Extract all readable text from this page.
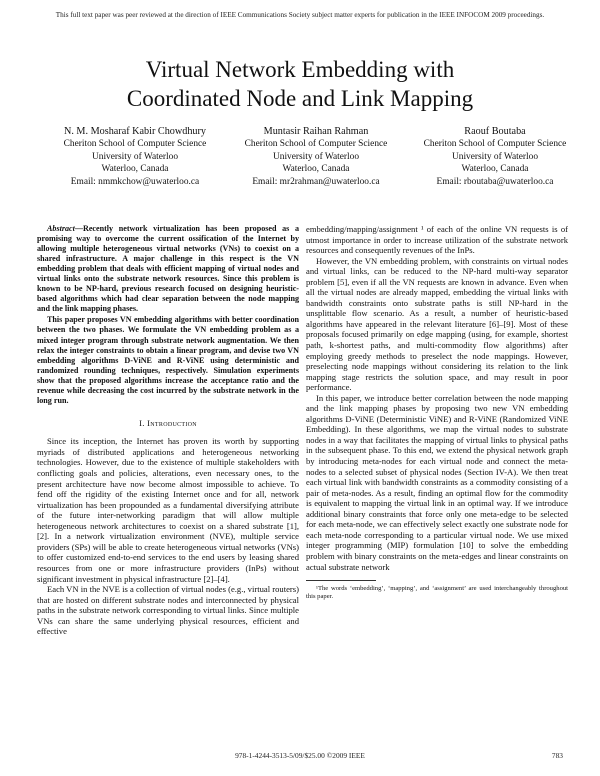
This full text paper was peer reviewed at the direction of IEEE Communications Society subject matter experts for publication in the IEEE INFOCOM 2009 proceedings.
Virtual Network Embedding with
Coordinated Node and Link Mapping
N. M. Mosharaf Kabir Chowdhury
Cheriton School of Computer Science
University of Waterloo
Waterloo, Canada
Email: nmmkchow@uwaterloo.ca
Muntasir Raihan Rahman
Cheriton School of Computer Science
University of Waterloo
Waterloo, Canada
Email: mr2rahman@uwaterloo.ca
Raouf Boutaba
Cheriton School of Computer Science
University of Waterloo
Waterloo, Canada
Email: rboutaba@uwaterloo.ca

Abstract—Recently network virtualization has been proposed as a promising way to overcome the current ossification of the Internet by allowing multiple heterogeneous virtual networks (VNs) to coexist on a shared infrastructure. A major challenge in this respect is the VN embedding problem that deals with efficient mapping of virtual nodes and virtual links onto the substrate network resources. Since this problem is known to be NP-hard, previous research focused on designing heuristic-based algorithms which had clear separation between the node mapping and the link mapping phases.

This paper proposes VN embedding algorithms with better coordination between the two phases. We formulate the VN embedding problem as a mixed integer program through substrate network augmentation. We then relax the integer constraints to obtain a linear program, and devise two VN embedding algorithms D-ViNE and R-ViNE using deterministic and randomized rounding techniques, respectively. Simulation experiments show that the proposed algorithms increase the acceptance ratio and the revenue while decreasing the cost incurred by the substrate network in the long run.

I. Introduction

Since its inception, the Internet has proven its worth by supporting myriads of distributed applications and heterogeneous networking technologies. However, due to the existence of multiple stakeholders with conflicting goals and policies, alterations, even necessary ones, to the present architecture have now become almost impossible to achieve. To fend off the rigidity of the existing Internet once and for all, network virtualization has been propounded as a fundamental diversifying attribute of the future inter-networking paradigm that will allow multiple heterogeneous network architectures to coexist on a shared substrate [1], [2]. In a network virtualization environment (NVE), multiple service providers (SPs) will be able to create heterogeneous virtual networks (VNs) to offer customized end-to-end services to the end users by leasing shared resources from one or more infrastructure providers (InPs) without significant investment in physical infrastructure [2]–[4].

Each VN in the NVE is a collection of virtual nodes (e.g., virtual routers) that are hosted on different substrate nodes and interconnected by physical paths in the substrate network corresponding to virtual links. Since multiple VNs can share the same underlying physical resources, efficient and effective

embedding/mapping/assignment ¹ of each of the online VN requests is of utmost importance in order to increase utilization of the substrate network resources and consequently revenues of the InPs.

However, the VN embedding problem, with constraints on virtual nodes and virtual links, can be reduced to the NP-hard multi-way separator problem [5], even if all the VN requests are known in advance. Even when all the virtual nodes are already mapped, embedding the virtual links with bandwidth constraints onto substrate paths is still NP-hard in the unsplittable flow scenario. As a result, a number of heuristic-based algorithms have appeared in the relevant literature [6]–[9]. Most of these proposals focused primarily on edge mapping (using, for example, shortest path, k-shortest paths, and multi-commodity flow algorithms) after employing greedy methods to preselect the node mappings. However, preselecting node mappings without considering its relation to the link mapping stage restricts the solution space, and may result in poor performance.

In this paper, we introduce better correlation between the node mapping and the link mapping phases by proposing two new VN embedding algorithms D-ViNE (Deterministic ViNE) and R-ViNE (Randomized ViNE Embedding). In these algorithms, we map the virtual nodes to substrate nodes in a way that facilitates the mapping of virtual links to physical paths in the subsequent phase. To this end, we extend the physical network graph by introducing meta-nodes for each virtual node and connect the meta-nodes to a selected subset of physical nodes (Section IV-A). We then treat each virtual link with bandwidth constraints as a commodity consisting of a pair of meta-nodes. As a result, finding an optimal flow for the commodity is equivalent to mapping the virtual link in an optimal way. If we introduce additional binary constraints that force only one meta-edge to be selected for each meta-node, we can effectively select exactly one substrate node for each meta-node corresponding to a particular virtual node. We use mixed integer programming (MIP) formulation [10] to solve the embedding problem with binary constraints on the meta-edges and linear constraints on actual substrate network

¹The words ‘embedding’, ‘mapping’, and ‘assignment’ are used interchangeably throughout this paper.

978-1-4244-3513-5/09/$25.00 ©2009 IEEE	783
